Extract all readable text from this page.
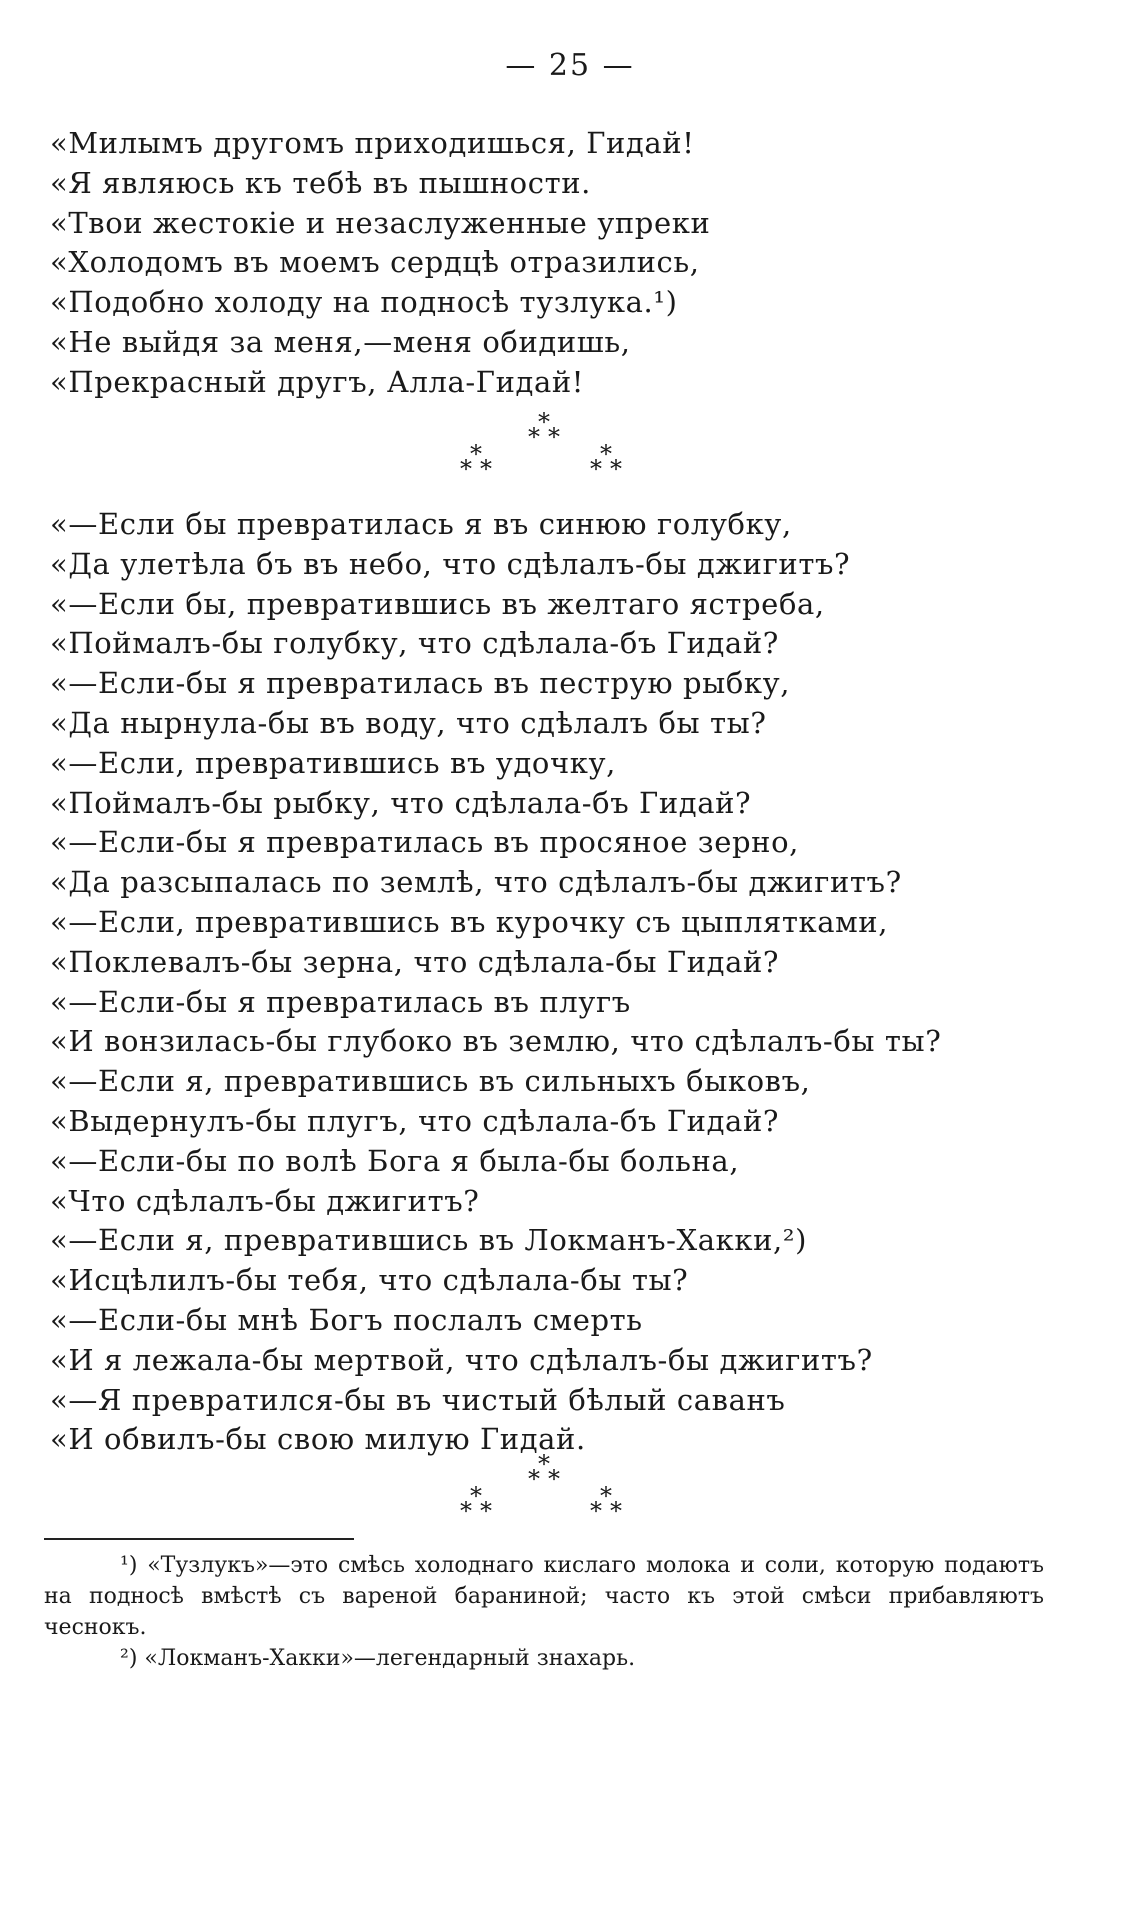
— 25 —
«Милымъ другомъ приходишься, Гидай!
«Я являюсь къ тебѣ въ пышности.
«Твои жестокіе и незаслуженные упреки
«Холодомъ въ моемъ сердцѣ отразились,
«Подобно холоду на подносѣ тузлука.¹)
«Не выйдя за меня,—меня обидишь,
«Прекрасный другъ, Алла-Гидай!
*
* *
*
* *
*
* *
«—Если бы превратилась я въ синюю голубку,
«Да улетѣла бъ въ небо, что сдѣлалъ-бы джигитъ?
«—Если бы, превратившись въ желтаго ястреба,
«Поймалъ-бы голубку, что сдѣлала-бъ Гидай?
«—Если-бы я превратилась въ пеструю рыбку,
«Да нырнула-бы въ воду, что сдѣлалъ бы ты?
«—Если, превратившись въ удочку,
«Поймалъ-бы рыбку, что сдѣлала-бъ Гидай?
«—Если-бы я превратилась въ просяное зерно,
«Да разсыпалась по землѣ, что сдѣлалъ-бы джигитъ?
«—Если, превратившись въ курочку съ цыплятками,
«Поклевалъ-бы зерна, что сдѣлала-бы Гидай?
«—Если-бы я превратилась въ плугъ
«И вонзилась-бы глубоко въ землю, что сдѣлалъ-бы ты?
«—Если я, превратившись въ сильныхъ быковъ,
«Выдернулъ-бы плугъ, что сдѣлала-бъ Гидай?
«—Если-бы по волѣ Бога я была-бы больна,
«Что сдѣлалъ-бы джигитъ?
«—Если я, превратившись въ Локманъ-Хакки,²)
«Исцѣлилъ-бы тебя, что сдѣлала-бы ты?
«—Если-бы мнѣ Богъ послалъ смерть
«И я лежала-бы мертвой, что сдѣлалъ-бы джигитъ?
«—Я превратился-бы въ чистый бѣлый саванъ
«И обвилъ-бы свою милую Гидай.
*
* *
*
* *
*
* *

¹) «Тузлукъ»—это смѣсь холоднаго кислаго молока и соли, которую подаютъ на подносѣ вмѣстѣ съ вареной бараниной; часто къ этой смѣси прибавляютъ чеснокъ.

²) «Локманъ-Хакки»—легендарный знахарь.
